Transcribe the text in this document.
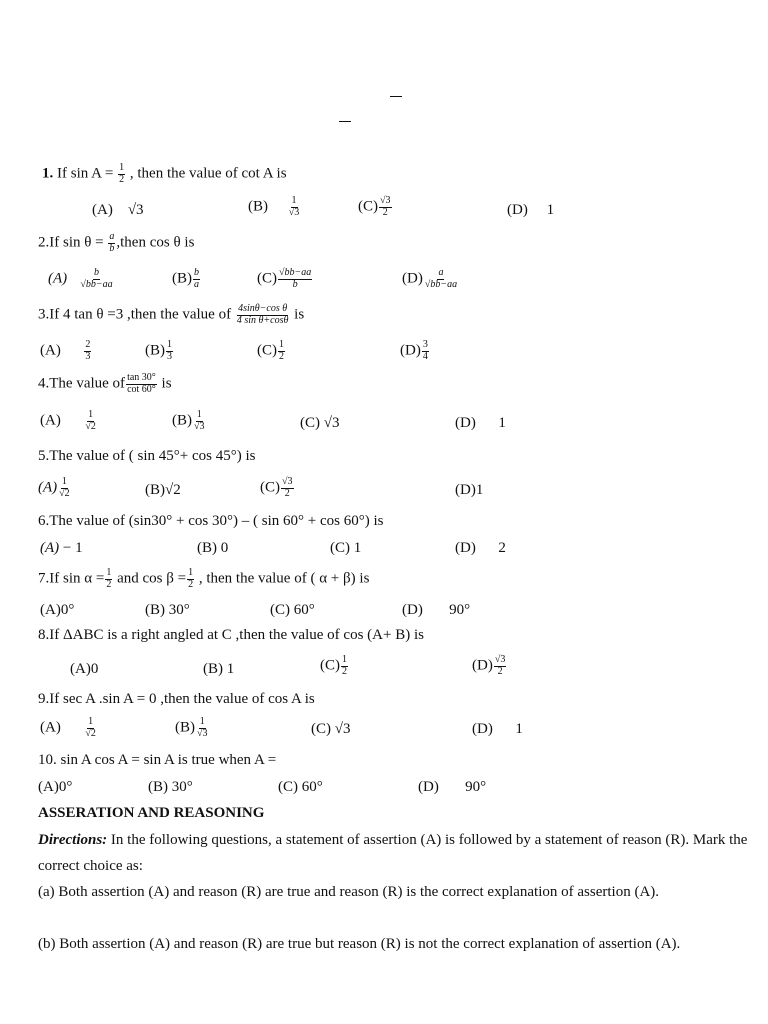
1. If $\sin A = \frac{1}{2}$ , then the value of cot A is
(A) √3	$(B) \frac{1}{√3}$	$(C) \frac{√3}{2}$	(D) 1
2.If $\sin \theta = \frac{a}{b}$ ,then cos θ is
$(A) \frac{b}{√bb-aa}$	$(B) \frac{b}{a}$	$(C) \frac{√bb-aa}{b}$	$(D) \frac{a}{√bb-aa}$
3.If 4 tan θ =3 ,then the value of $\frac{\text{4sinθ−cos θ}}{\text{4 sin θ+cosθ}}$ is
$(A) \frac{2}{3}$	$(B) \frac{1}{3}$	$(C) \frac{1}{2}$	$(D) \frac{3}{4}$
4.The value of $\frac{\tan 30^\circ}{\cot 60^\circ}$ is
$(A) \frac{1}{√2}$	$(B) \frac{1}{√3}$	(C) √3	(D) 1
5.The value of ( sin 45°+ cos 45°) is
$(A) \frac{1}{√2}$	(B)√2	$(C) \frac{√3}{2}$	(D)1
6.The value of (sin30° + cos 30°) – ( sin 60° + cos 60°) is
(A) − 1	(B) 0	(C) 1	(D) 2
7.If $\sin \alpha = \frac{1}{2}$ and $\cos \beta = \frac{1}{2}$ , then the value of ( α + β) is
(A)0°	(B) 30°	(C) 60°	(D) 90°
8.If ΔABC is a right angled at C ,then the value of cos (A+ B) is
(A)0	(B) 1	$(C) \frac{1}{2}$	$(D) \frac{√3}{2}$
9.If sec A .sin A = 0 ,then the value of cos A is
$(A) \frac{1}{√2}$	$(B) \frac{1}{√3}$	(C) √3	(D) 1
10. sin A cos A = sin A is true when A =
(A)0°	(B) 30°	(C) 60°	(D) 90°
ASSERATION AND REASONING
Directions: In the following questions, a statement of assertion (A) is followed by a statement of reason (R). Mark the correct choice as:
(a) Both assertion (A) and reason (R) are true and reason (R) is the correct explanation of assertion (A).
(b) Both assertion (A) and reason (R) are true but reason (R) is not the correct explanation of assertion (A).
